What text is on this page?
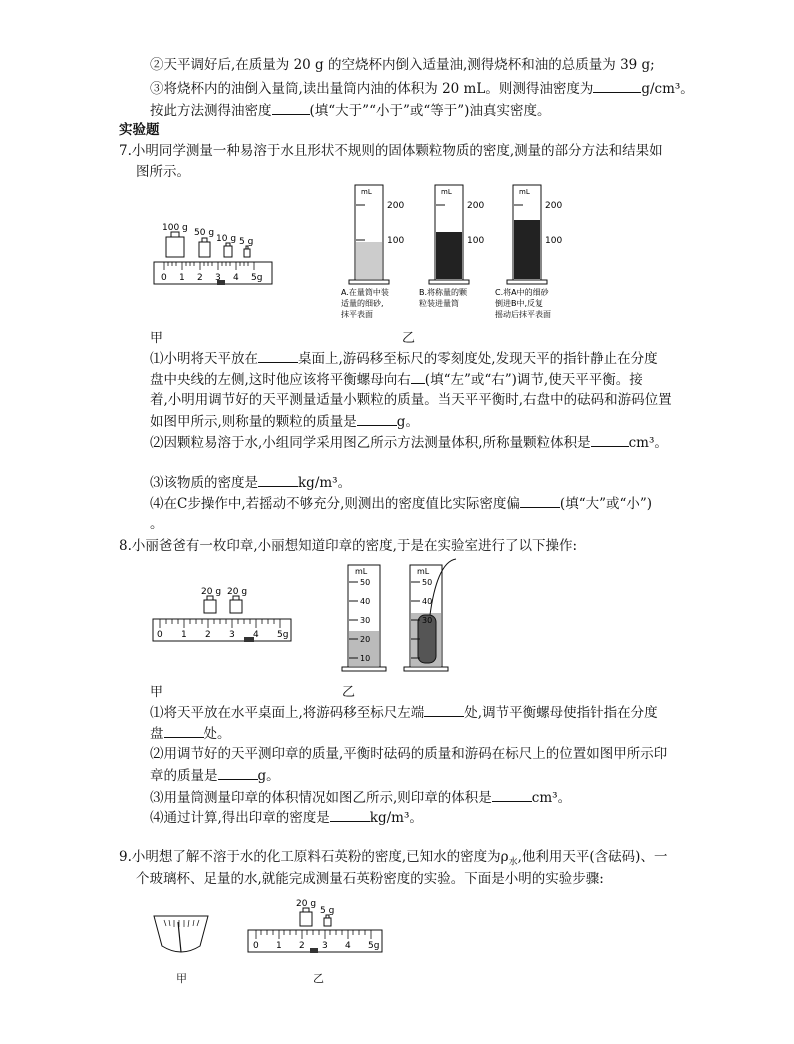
②天平调好后,在质量为 20 g 的空烧杯内倒入适量油,测得烧杯和油的总质量为 39 g;
③将烧杯内的油倒入量筒,读出量筒内油的体积为 20 mL。则测得油密度为	g/cm³。
按此方法测得油密度	(填“大于”“小于”或“等于”)油真实密度。
实验题
7.小明同学测量一种易溶于水且形状不规则的固体颗粒物质的密度,测量的部分方法和结果如
图所示。
100 g 50 g
10 g 5 g
0 1 2 3 4 5g
mL
200
100
mL
200
100
mL
200
100
A.在量筒中装
适量的细砂,
抹平表面
B.将称量的颗
粒装进量筒
C.将A中的细砂
倒进B中,反复
摇动后抹平表面
甲	乙
⑴小明将天平放在	桌面上,游码移至标尺的零刻度处,发现天平的指针静止在分度
盘中央线的左侧,这时他应该将平衡螺母向右 (填“左”或“右”)调节,使天平平衡。接
着,小明用调节好的天平测量适量小颗粒的质量。当天平平衡时,右盘中的砝码和游码位置
如图甲所示,则称量的颗粒的质量是	g。
⑵因颗粒易溶于水,小组同学采用图乙所示方法测量体积,所称量颗粒体积是	cm³。
⑶该物质的密度是	kg/m³。
⑷在C步操作中,若摇动不够充分,则测出的密度值比实际密度偏	(填“大”或“小”)
。
8.小丽爸爸有一枚印章,小丽想知道印章的密度,于是在实验室进行了以下操作:
20 g 20 g
0 1 2 3 4 5g
mL
50
40
30
20
10
mL
50
40
30
甲	乙
⑴将天平放在水平桌面上,将游码移至标尺左端	处,调节平衡螺母使指针指在分度
盘	处。
⑵用调节好的天平测印章的质量,平衡时砝码的质量和游码在标尺上的位置如图甲所示印
章的质量是	g。
⑶用量筒测量印章的体积情况如图乙所示,则印章的体积是	cm³。
⑷通过计算,得出印章的密度是	kg/m³。
9.小明想了解不溶于水的化工原料石英粉的密度,已知水的密度为$\rho_水$,他利用天平(含砝码)、一
个玻璃杯、足量的水,就能完成测量石英粉密度的实验。下面是小明的实验步骤:
20 g
5 g
0 1 2 3 4 5g
甲	乙
